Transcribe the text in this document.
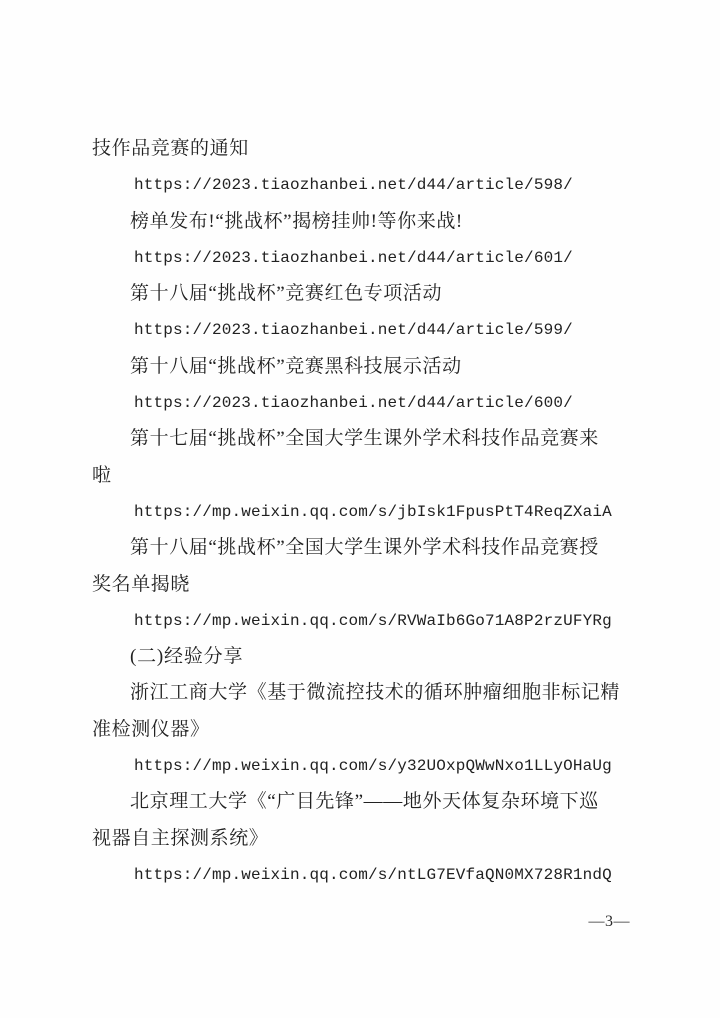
技作品竞赛的通知
https://2023.tiaozhanbei.net/d44/article/598/
榜单发布!“挑战杯”揭榜挂帅!等你来战!
https://2023.tiaozhanbei.net/d44/article/601/
第十八届“挑战杯”竞赛红色专项活动
https://2023.tiaozhanbei.net/d44/article/599/
第十八届“挑战杯”竞赛黑科技展示活动
https://2023.tiaozhanbei.net/d44/article/600/
第十七届“挑战杯”全国大学生课外学术科技作品竞赛来
啦
https://mp.weixin.qq.com/s/jbIsk1FpusPtT4ReqZXaiA
第十八届“挑战杯”全国大学生课外学术科技作品竞赛授
奖名单揭晓
https://mp.weixin.qq.com/s/RVWaIb6Go71A8P2rzUFYRg
(二)经验分享
浙江工商大学《基于微流控技术的循环肿瘤细胞非标记精
准检测仪器》
https://mp.weixin.qq.com/s/y32UOxpQWwNxo1LLyOHaUg
北京理工大学《“广目先锋”——地外天体复杂环境下巡
视器自主探测系统》
https://mp.weixin.qq.com/s/ntLG7EVfaQN0MX728R1ndQ
—3—
